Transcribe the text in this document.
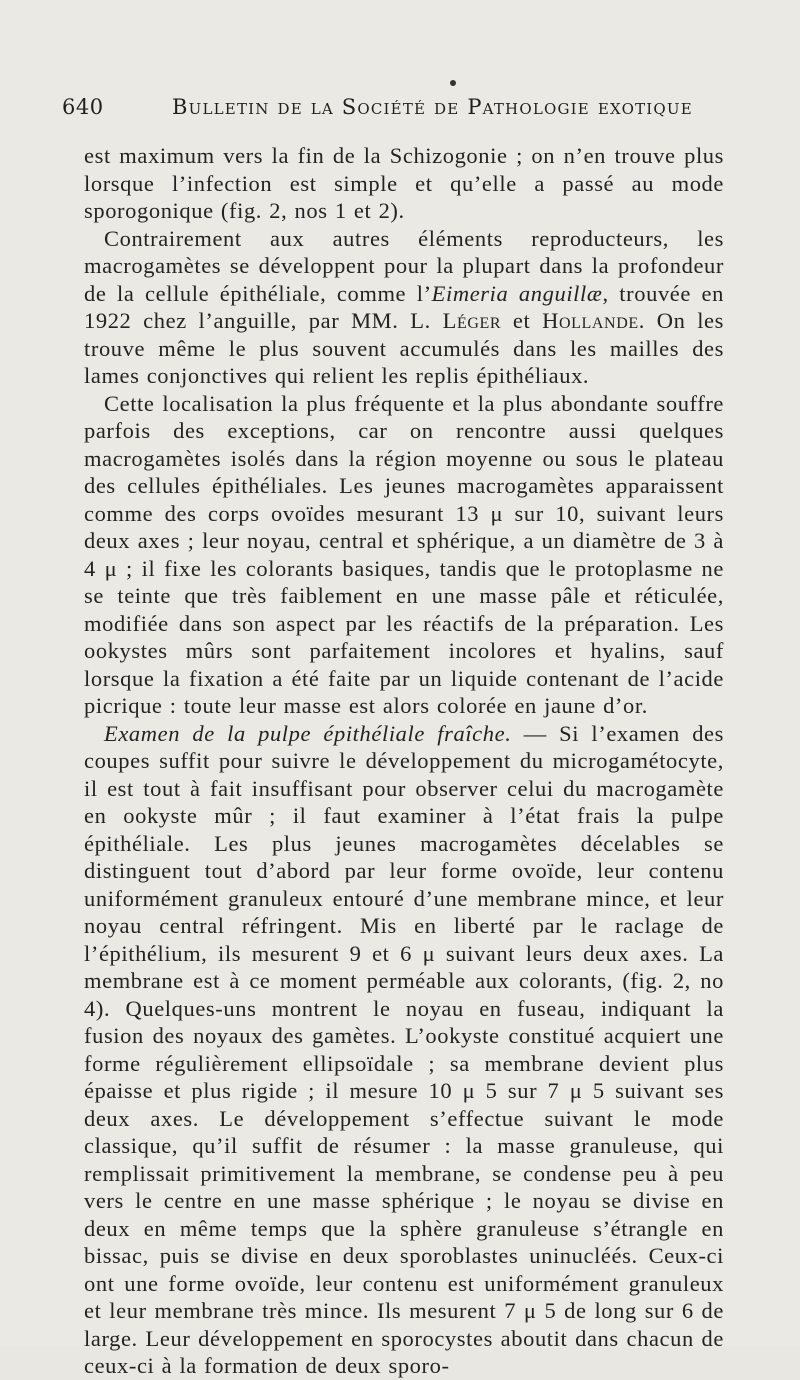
640	Bulletin de la Société de Pathologie exotique

est maximum vers la fin de la Schizogonie ; on n’en trouve plus lorsque l’infection est simple et qu’elle a passé au mode sporogonique (fig. 2, nos 1 et 2).

Contrairement aux autres éléments reproducteurs, les macrogamètes se développent pour la plupart dans la profondeur de la cellule épithéliale, comme l’Eimeria anguillæ, trouvée en 1922 chez l’anguille, par MM. L. Léger et Hollande. On les trouve même le plus souvent accumulés dans les mailles des lames conjonctives qui relient les replis épithéliaux.

Cette localisation la plus fréquente et la plus abondante souffre parfois des exceptions, car on rencontre aussi quelques macrogamètes isolés dans la région moyenne ou sous le plateau des cellules épithéliales. Les jeunes macrogamètes apparaissent comme des corps ovoïdes mesurant 13 μ sur 10, suivant leurs deux axes ; leur noyau, central et sphérique, a un diamètre de 3 à 4 μ ; il fixe les colorants basiques, tandis que le protoplasme ne se teinte que très faiblement en une masse pâle et réticulée, modifiée dans son aspect par les réactifs de la préparation. Les ookystes mûrs sont parfaitement incolores et hyalins, sauf lorsque la fixation a été faite par un liquide contenant de l’acide picrique : toute leur masse est alors colorée en jaune d’or.

Examen de la pulpe épithéliale fraîche. — Si l’examen des coupes suffit pour suivre le développement du microgamétocyte, il est tout à fait insuffisant pour observer celui du macrogamète en ookyste mûr ; il faut examiner à l’état frais la pulpe épithéliale. Les plus jeunes macrogamètes décelables se distinguent tout d’abord par leur forme ovoïde, leur contenu uniformément granuleux entouré d’une membrane mince, et leur noyau central réfringent. Mis en liberté par le raclage de l’épithélium, ils mesurent 9 et 6 μ suivant leurs deux axes. La membrane est à ce moment perméable aux colorants, (fig. 2, no 4). Quelques-uns montrent le noyau en fuseau, indiquant la fusion des noyaux des gamètes. L’ookyste constitué acquiert une forme régulièrement ellipsoïdale ; sa membrane devient plus épaisse et plus rigide ; il mesure 10 μ 5 sur 7 μ 5 suivant ses deux axes. Le développement s’effectue suivant le mode classique, qu’il suffit de résumer : la masse granuleuse, qui remplissait primitivement la membrane, se condense peu à peu vers le centre en une masse sphérique ; le noyau se divise en deux en même temps que la sphère granuleuse s’étrangle en bissac, puis se divise en deux sporoblastes uninucléés. Ceux-ci ont une forme ovoïde, leur contenu est uniformément granuleux et leur membrane très mince. Ils mesurent 7 μ 5 de long sur 6 de large. Leur développement en sporocystes aboutit dans chacun de ceux-ci à la formation de deux sporo-
